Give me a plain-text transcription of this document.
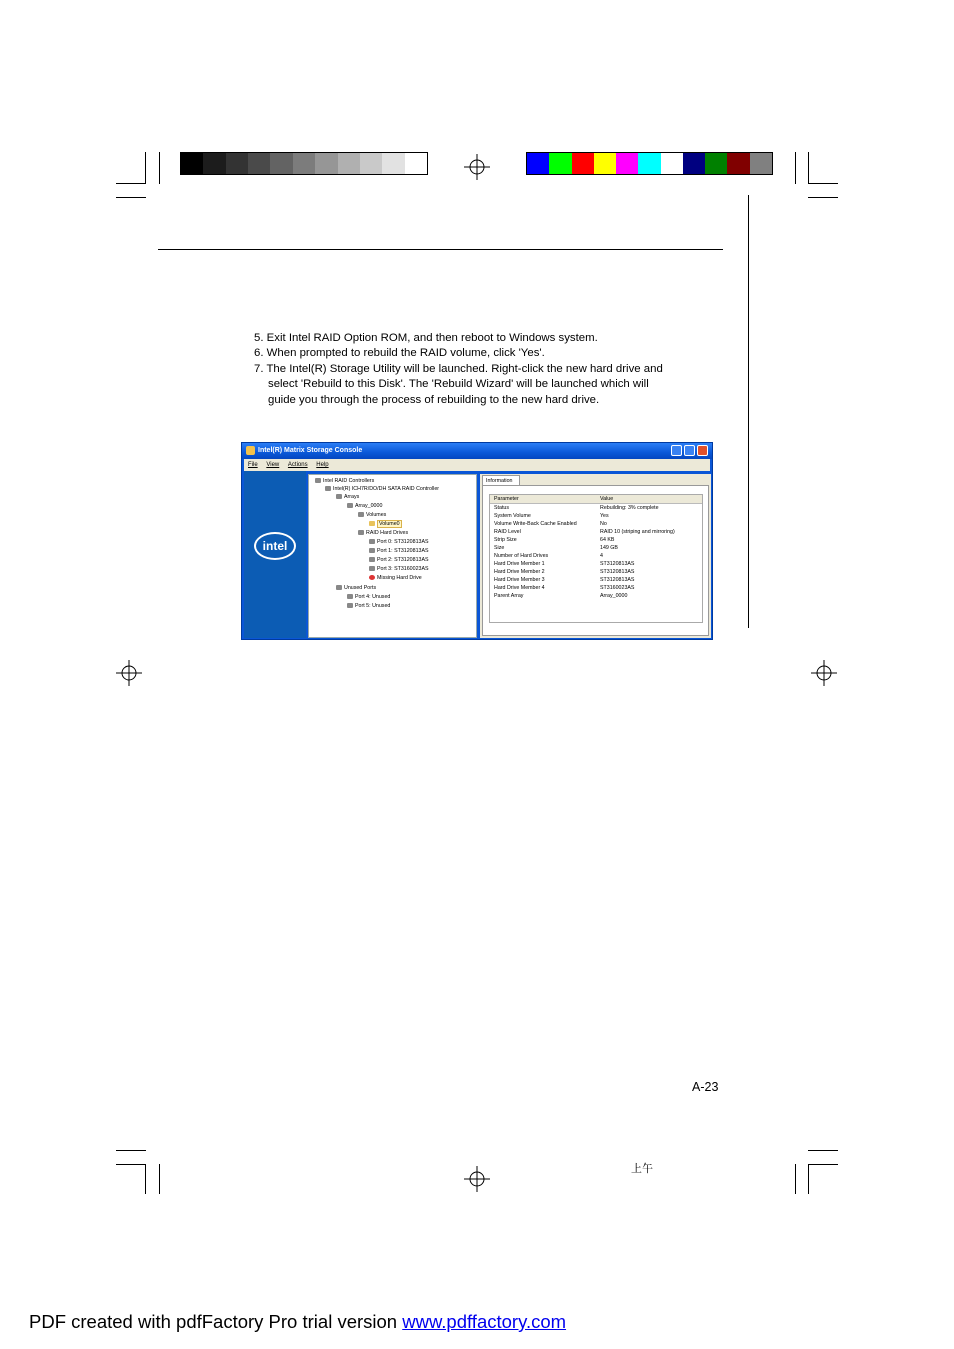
5. Exit Intel RAID Option ROM, and then reboot to Windows system.

6. When prompted to rebuild the RAID volume, click 'Yes'.

7. The Intel(R) Storage Utility will be launched. Right-click the new hard drive and

select 'Rebuild to this Disk'. The 'Rebuild Wizard' will be launched which will

guide you through the process of rebuilding to the new hard drive.

Intel(R) Matrix Storage Console
File View Actions Help
intel
Intel RAID Controllers
Intel(R) ICH7R/DO/DH SATA RAID Controller
Arrays
Array_0000
Volumes
Volume0
RAID Hard Drives
Port 0: ST3120813AS
Port 1: ST3120813AS
Port 2: ST3120813AS
Port 3: ST3160023AS
Missing Hard Drive
Unused Ports
Port 4: Unused
Port 5: Unused
Information
Parameter	Value
Status	Rebuilding: 3% complete
System Volume	Yes
Volume Write-Back Cache Enabled	No
RAID Level	RAID 10 (striping and mirroring)
Strip Size	64 KB
Size	149 GB
Number of Hard Drives	4
Hard Drive Member 1	ST3120813AS
Hard Drive Member 2	ST3120813AS
Hard Drive Member 3	ST3120813AS
Hard Drive Member 4	ST3160023AS
Parent Array	Array_0000
A-23
上午
PDF created with pdfFactory Pro trial version www.pdffactory.com
